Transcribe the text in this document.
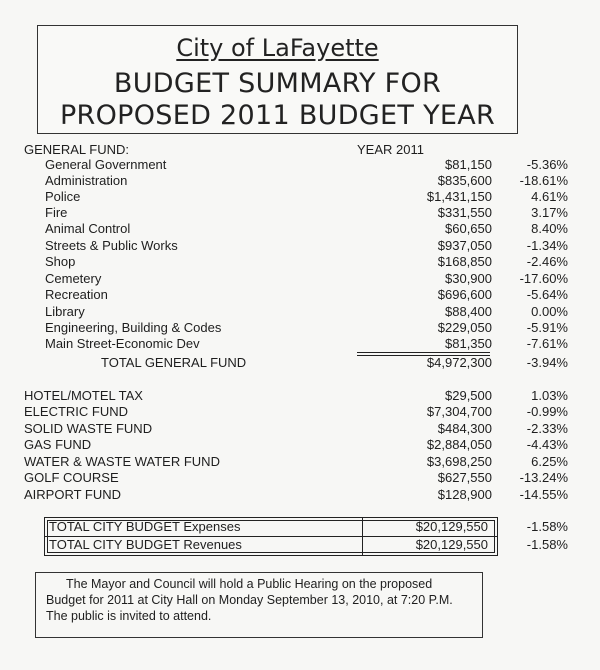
City of LaFayette
BUDGET SUMMARY FOR
PROPOSED 2011 BUDGET YEAR
GENERAL FUND:	YEAR 2011
General Government	$81,150	-5.36%
Administration	$835,600 -18.61%
Police	$1,431,150	4.61%
Fire	$331,550	3.17%
Animal Control	$60,650	8.40%
Streets & Public Works	$937,050	-1.34%
Shop	$168,850	-2.46%
Cemetery	$30,900 -17.60%
Recreation	$696,600	-5.64%
Library	$88,400	0.00%
Engineering, Building & Codes	$229,050	-5.91%
Main Street-Economic Dev	$81,350	-7.61%
TOTAL GENERAL FUND	$4,972,300	-3.94%
HOTEL/MOTEL TAX	$29,500	1.03%
ELECTRIC FUND	$7,304,700	-0.99%
SOLID WASTE FUND	$484,300	-2.33%
GAS FUND	$2,884,050	-4.43%
WATER & WASTE WATER FUND	$3,698,250	6.25%
GOLF COURSE	$627,550 -13.24%
AIRPORT FUND	$128,900 -14.55%
TOTAL CITY BUDGET Expenses	$20,129,550	-1.58%
TOTAL CITY BUDGET Revenues	$20,129,550	-1.58%

The Mayor and Council will hold a Public Hearing on the proposed Budget for 2011 at City Hall on Monday September 13, 2010, at 7:20 P.M. The public is invited to attend.
